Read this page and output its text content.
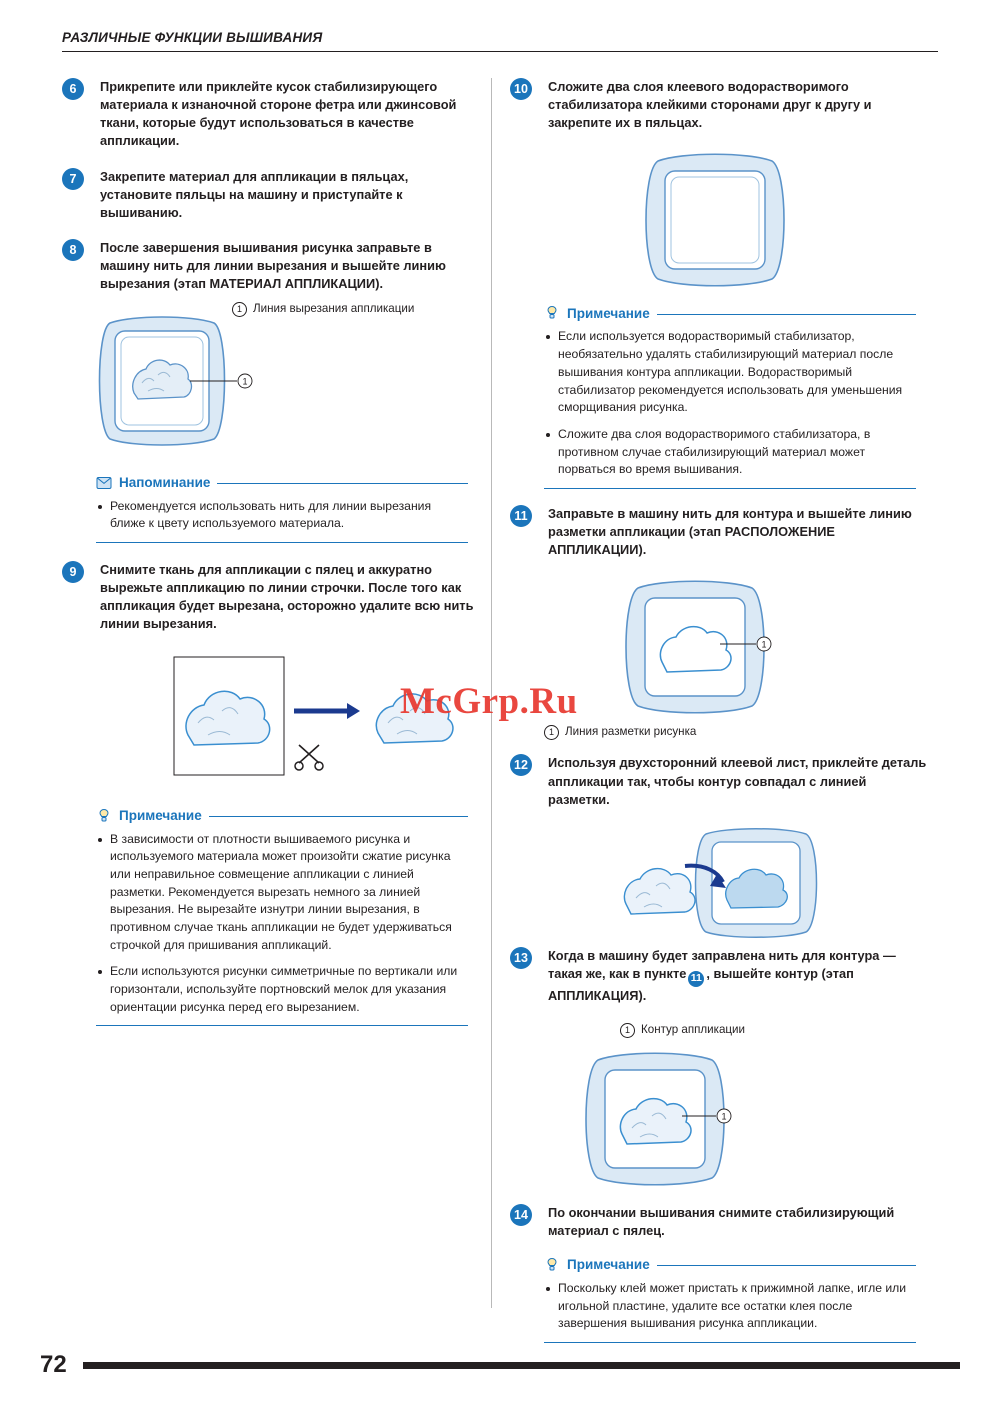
РАЗЛИЧНЫЕ ФУНКЦИИ ВЫШИВАНИЯ
6	Прикрепите или приклейте кусок стабилизирующего материала к изнаночной стороне фетра или джинсовой ткани, которые будут использоваться в качестве аппликации.
7	Закрепите материал для аппликации в пяльцах, установите пяльцы на машину и приступайте к вышиванию.
8	После завершения вышивания рисунка заправьте в машину нить для линии вырезания и вышейте линию вырезания (этап МАТЕРИАЛ АППЛИКАЦИИ).
1
1 Линия вырезания аппликации
Напоминание
Рекомендуется использовать нить для линии вырезания ближе к цвету используемого материала.
9	Снимите ткань для аппликации с пялец и аккуратно вырежьте аппликацию по линии строчки. После того как аппликация будет вырезана, осторожно удалите всю нить линии вырезания.
Примечание
В зависимости от плотности вышиваемого рисунка и используемого материала может произойти сжатие рисунка или неправильное совмещение аппликации с линией разметки. Рекомендуется вырезать немного за линией вырезания. Не вырезайте изнутри линии вырезания, в противном случае ткань аппликации не будет удерживаться строчкой для пришивания аппликаций.
Если используются рисунки симметричные по вертикали или горизонтали, используйте портновский мелок для указания ориентации рисунка перед его вырезанием.
10	Сложите два слоя клеевого водорастворимого стабилизатора клейкими сторонами друг к другу и закрепите их в пяльцах.
Примечание
Если используется водорастворимый стабилизатор, необязательно удалять стабилизирующий материал после вышивания контура аппликации. Водорастворимый стабилизатор рекомендуется использовать для уменьшения сморщивания рисунка.
Сложите два слоя водорастворимого стабилизатора, в противном случае стабилизирующий материал может порваться во время вышивания.
11	Заправьте в машину нить для контура и вышейте линию разметки аппликации (этап РАСПОЛОЖЕНИЕ АППЛИКАЦИИ).
1
1 Линия разметки рисунка
12	Используя двухсторонний клеевой лист, приклейте деталь аппликации так, чтобы контур совпадал с линией разметки.
13	Когда в машину будет заправлена нить для контура — такая же, как в пункте 11 , вышейте контур (этап АППЛИКАЦИЯ).
1 Контур аппликации
1
14	По окончании вышивания снимите стабилизирующий материал с пялец.
Примечание
Поскольку клей может пристать к прижимной лапке, игле или игольной пластине, удалите все остатки клея после завершения вышивания рисунка аппликации.
McGrp.Ru
72
